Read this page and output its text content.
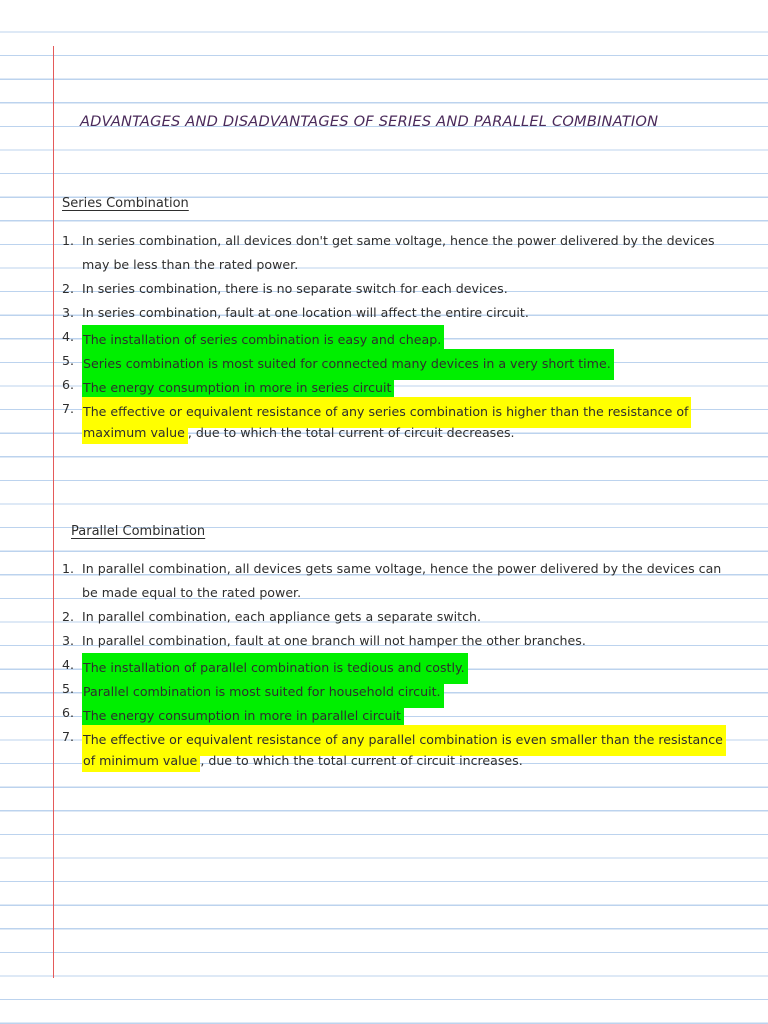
ADVANTAGES AND DISADVANTAGES OF SERIES AND PARALLEL COMBINATION
Series Combination
1. In series combination, all devices don't get same voltage, hence the power delivered by the devices
may be less than the rated power.
2. In series combination, there is no separate switch for each devices.
3. In series combination, fault at one location will affect the entire circuit.
4. The installation of series combination is easy and cheap.
5. Series combination is most suited for connected many devices in a very short time.
6. The energy consumption in more in series circuit
7. The effective or equivalent resistance of any series combination is higher than the resistance of
maximum value , due to which the total current of circuit decreases.
Parallel Combination
1. In parallel combination, all devices gets same voltage, hence the power delivered by the devices can
be made equal to the rated power.
2. In parallel combination, each appliance gets a separate switch.
3. In parallel combination, fault at one branch will not hamper the other branches.
4. The installation of parallel combination is tedious and costly.
5. Parallel combination is most suited for household circuit.
6. The energy consumption in more in parallel circuit
7. The effective or equivalent resistance of any parallel combination is even smaller than the resistance
of minimum value , due to which the total current of circuit increases.
